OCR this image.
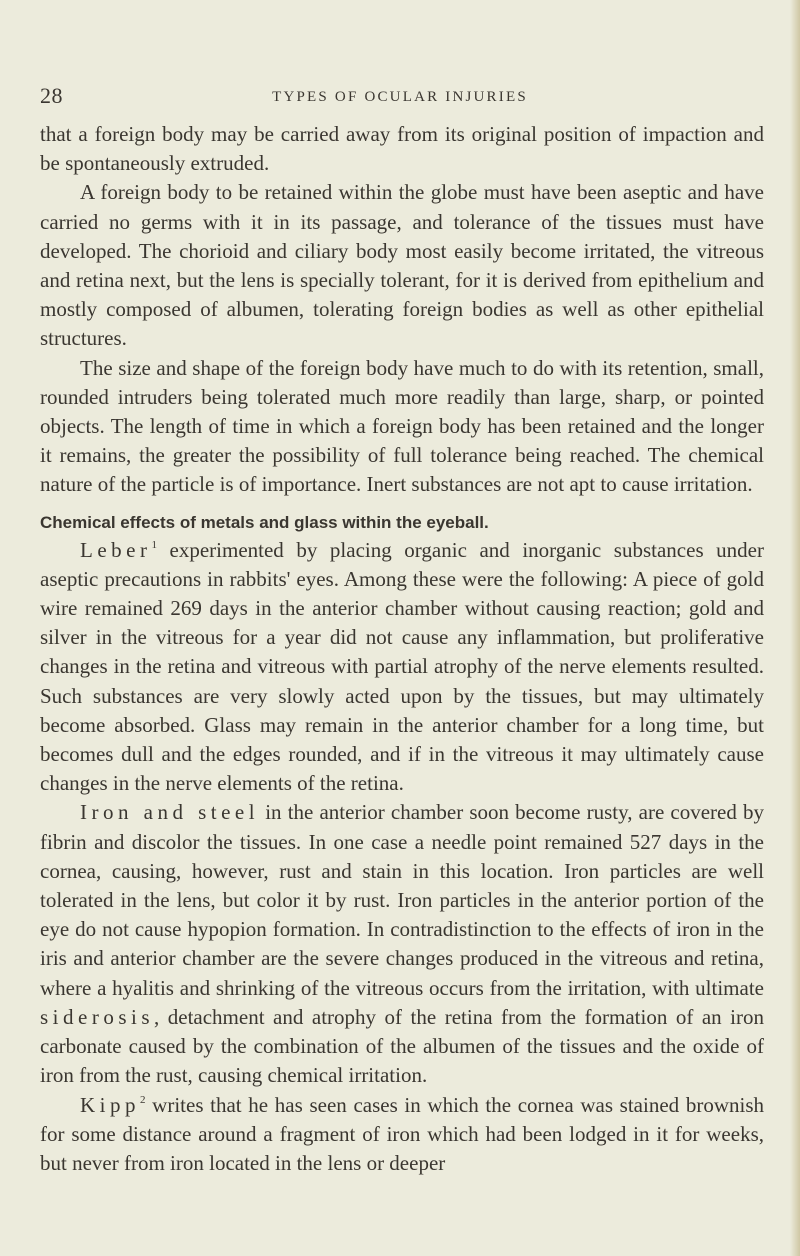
28	TYPES OF OCULAR INJURIES

that a foreign body may be carried away from its original position of impaction and be spontaneously extruded.

A foreign body to be retained within the globe must have been aseptic and have carried no germs with it in its passage, and tolerance of the tissues must have developed. The chorioid and ciliary body most easily become irritated, the vitreous and retina next, but the lens is specially tolerant, for it is derived from epithelium and mostly composed of albumen, tolerating foreign bodies as well as other epithelial structures.

The size and shape of the foreign body have much to do with its retention, small, rounded intruders being tolerated much more readily than large, sharp, or pointed objects. The length of time in which a foreign body has been retained and the longer it remains, the greater the possibility of full tolerance being reached. The chemical nature of the particle is of importance. Inert substances are not apt to cause irritation.

Chemical effects of metals and glass within the eyeball.

Leber$^1$ experimented by placing organic and inorganic substances under aseptic precautions in rabbits' eyes. Among these were the following: A piece of gold wire remained 269 days in the anterior chamber without causing reaction; gold and silver in the vitreous for a year did not cause any inflammation, but proliferative changes in the retina and vitreous with partial atrophy of the nerve elements resulted. Such substances are very slowly acted upon by the tissues, but may ultimately become absorbed. Glass may remain in the anterior chamber for a long time, but becomes dull and the edges rounded, and if in the vitreous it may ultimately cause changes in the nerve elements of the retina.

Iron and steel in the anterior chamber soon become rusty, are covered by fibrin and discolor the tissues. In one case a needle point remained 527 days in the cornea, causing, however, rust and stain in this location. Iron particles are well tolerated in the lens, but color it by rust. Iron particles in the anterior portion of the eye do not cause hypopion formation. In contradistinction to the effects of iron in the iris and anterior chamber are the severe changes produced in the vitreous and retina, where a hyalitis and shrinking of the vitreous occurs from the irritation, with ultimate siderosis, detachment and atrophy of the retina from the formation of an iron carbonate caused by the combination of the albumen of the tissues and the oxide of iron from the rust, causing chemical irritation.

Kipp$^2$ writes that he has seen cases in which the cornea was stained brownish for some distance around a fragment of iron which had been lodged in it for weeks, but never from iron located in the lens or deeper
